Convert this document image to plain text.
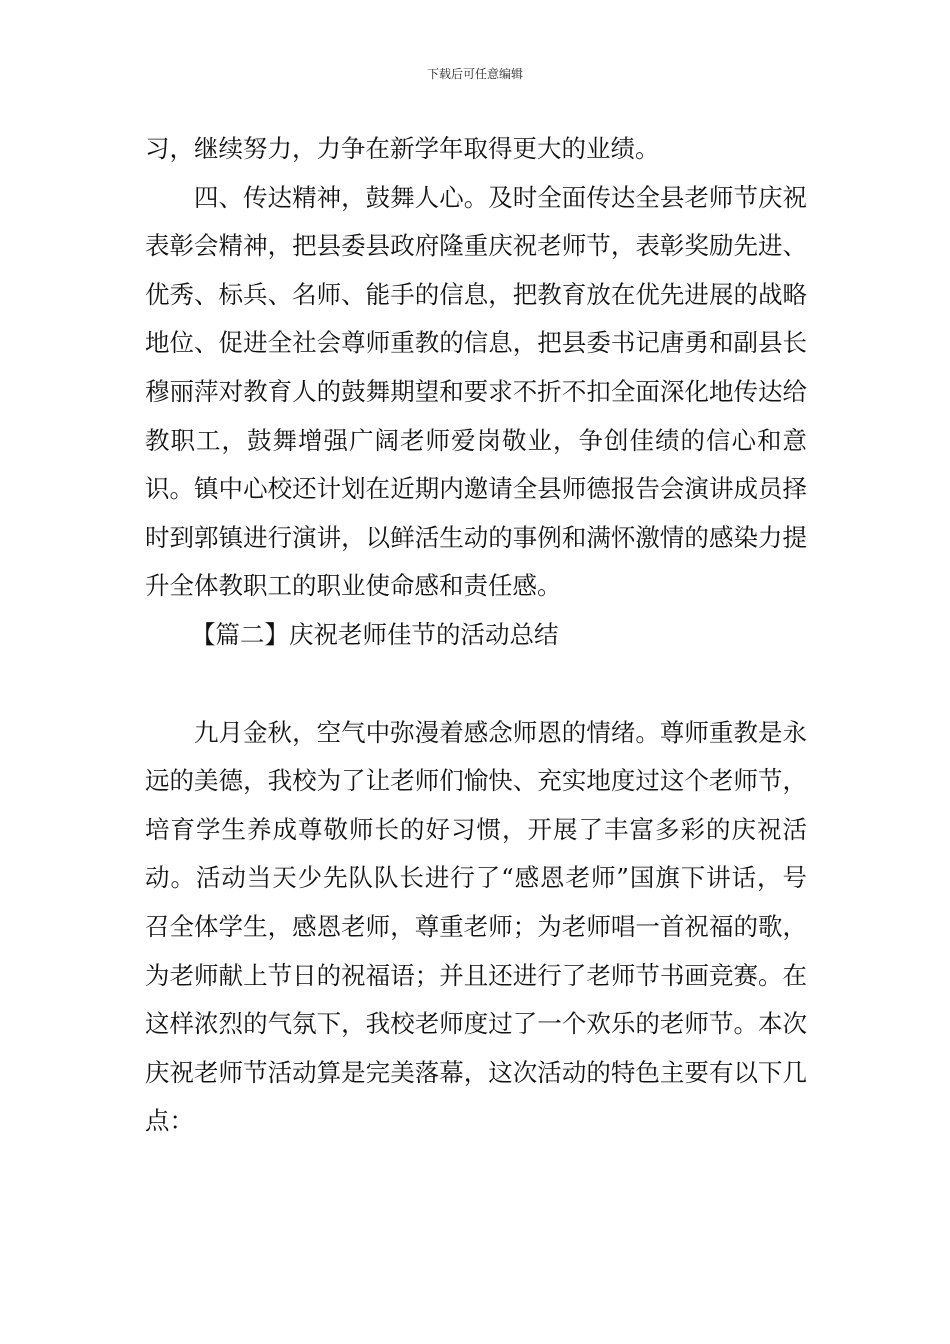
下载后可任意编辑

习，继续努力，力争在新学年取得更大的业绩。

四、传达精神，鼓舞人心。及时全面传达全县老师节庆祝表彰会精神，把县委县政府隆重庆祝老师节，表彰奖励先进、优秀、标兵、名师、能手的信息，把教育放在优先进展的战略地位、促进全社会尊师重教的信息，把县委书记唐勇和副县长穆丽萍对教育人的鼓舞期望和要求不折不扣全面深化地传达给教职工，鼓舞增强广阔老师爱岗敬业，争创佳绩的信心和意识。镇中心校还计划在近期内邀请全县师德报告会演讲成员择时到郭镇进行演讲，以鲜活生动的事例和满怀激情的感染力提升全体教职工的职业使命感和责任感。

【篇二】庆祝老师佳节的活动总结

九月金秋，空气中弥漫着感念师恩的情绪。尊师重教是永远的美德，我校为了让老师们愉快、充实地度过这个老师节，培育学生养成尊敬师长的好习惯，开展了丰富多彩的庆祝活动。活动当天少先队队长进行了“感恩老师”国旗下讲话，号召全体学生，感恩老师，尊重老师；为老师唱一首祝福的歌，为老师献上节日的祝福语；并且还进行了老师节书画竞赛。在这样浓烈的气氛下，我校老师度过了一个欢乐的老师节。本次庆祝老师节活动算是完美落幕，这次活动的特色主要有以下几点：
